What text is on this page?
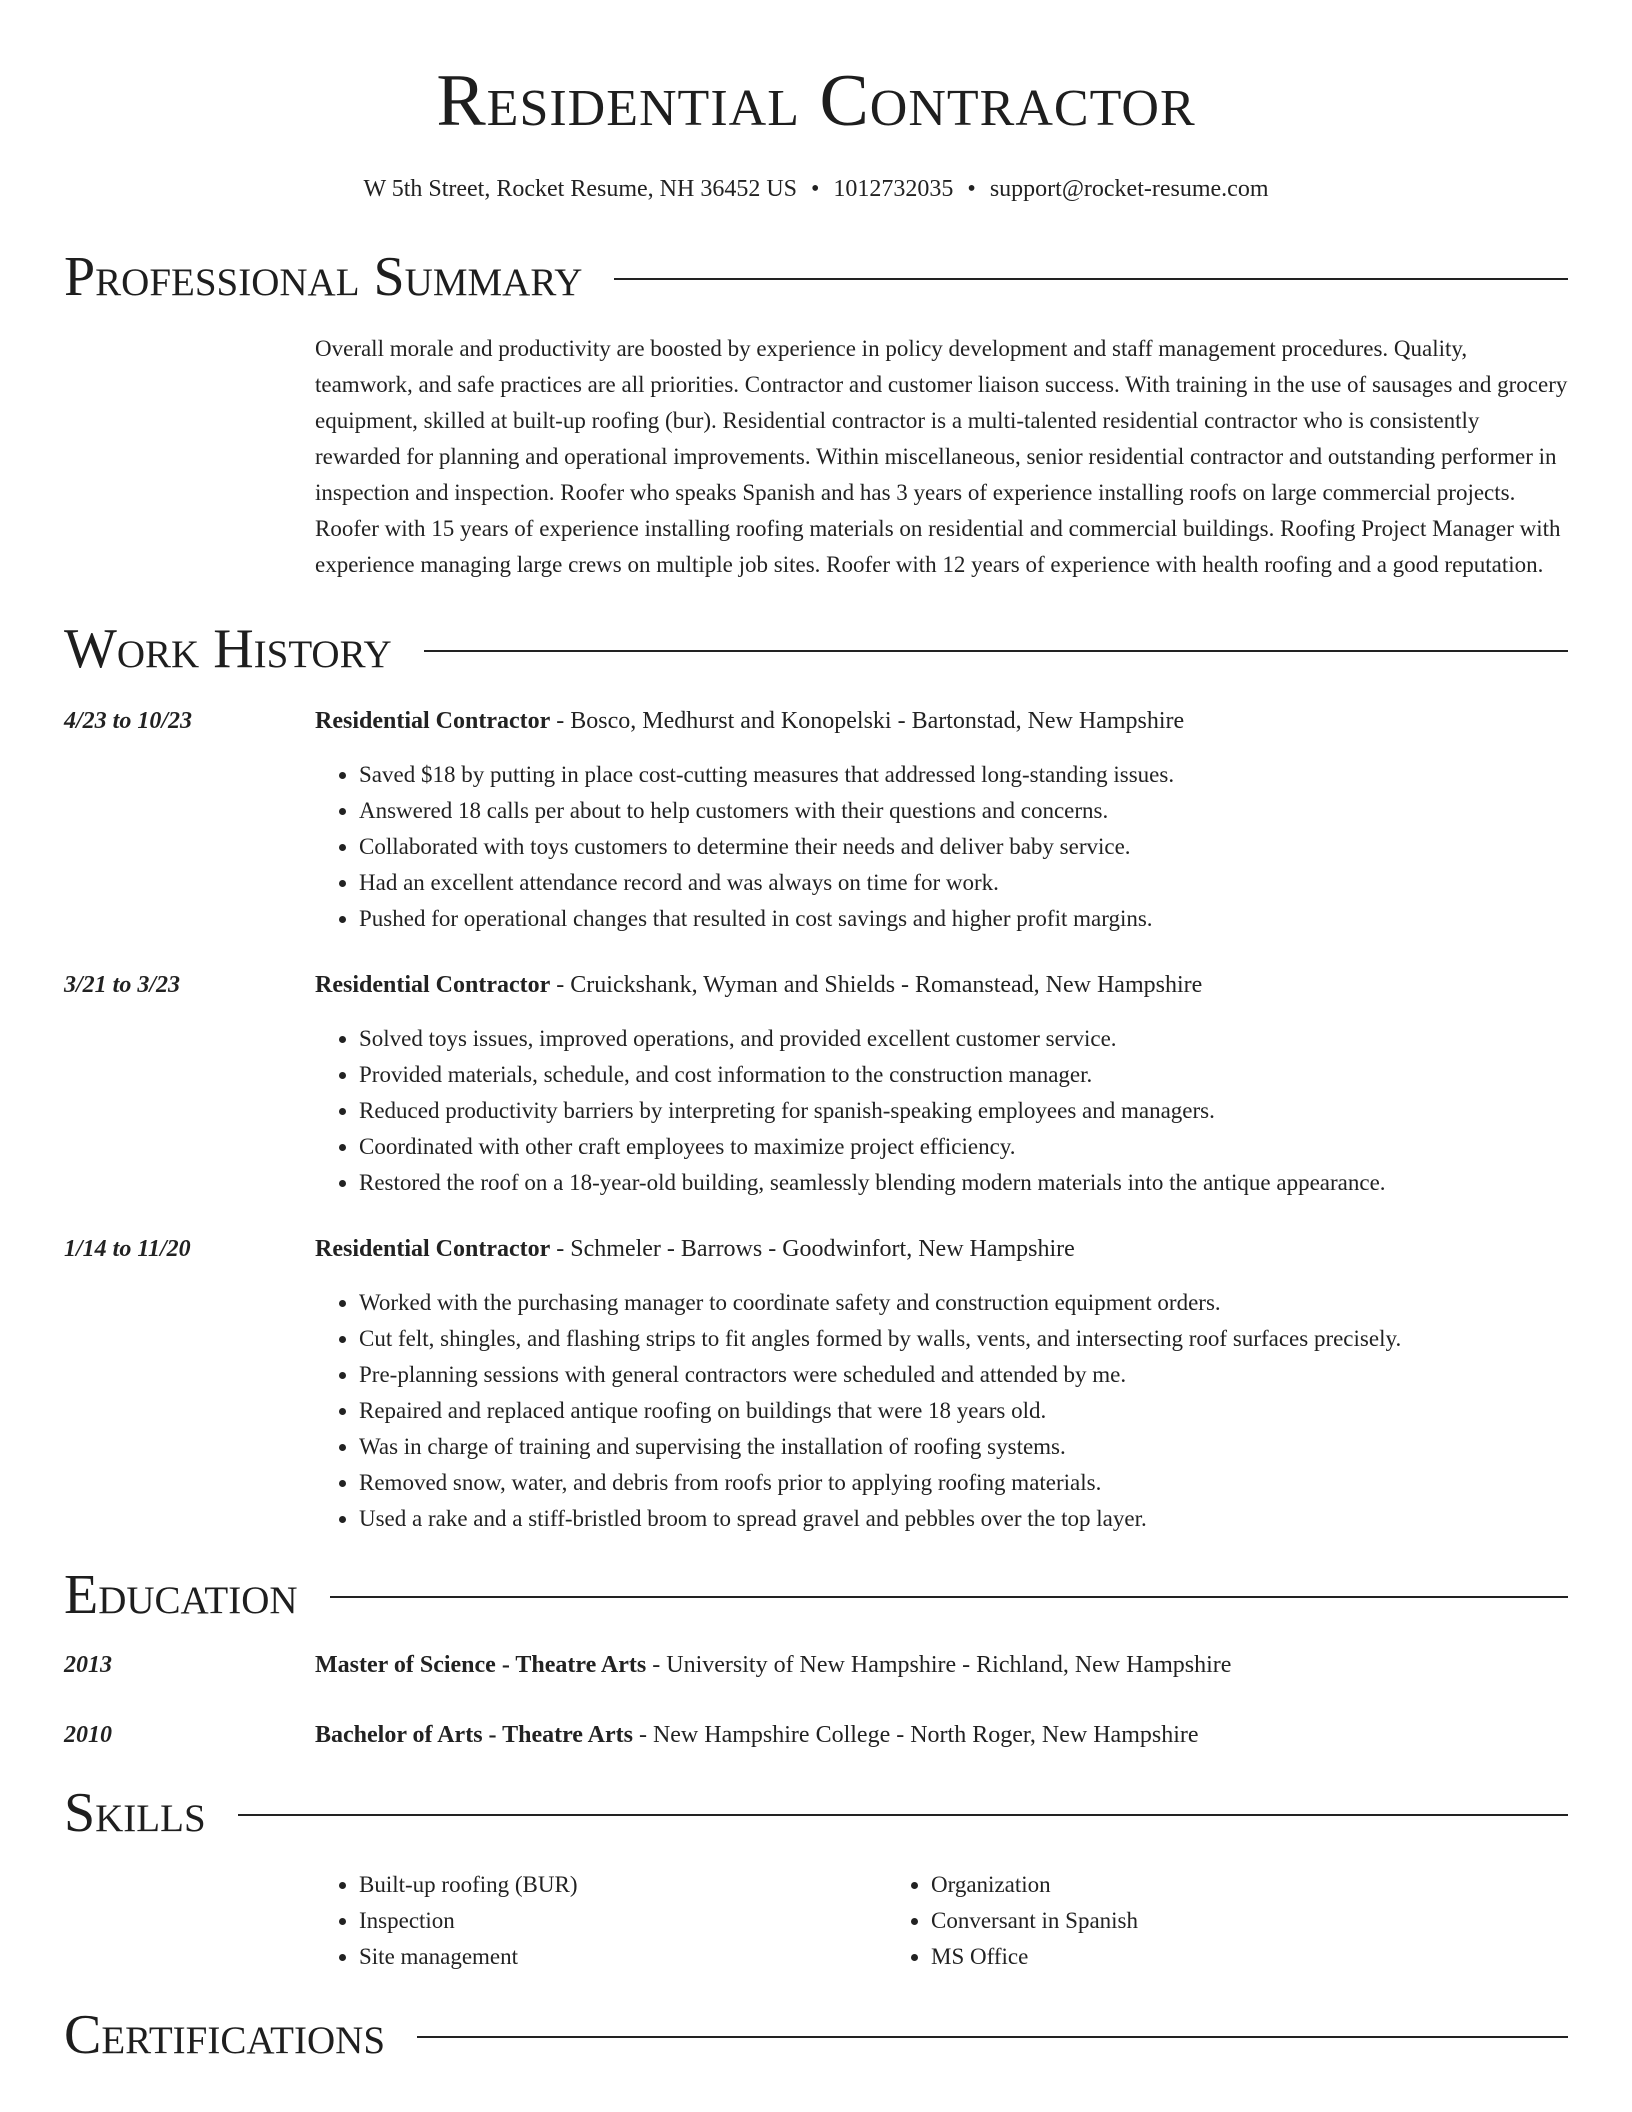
Residential Contractor
W 5th Street, Rocket Resume, NH 36452 US • 1012732035 • support@rocket-resume.com
Professional Summary
Overall morale and productivity are boosted by experience in policy development and staff management procedures. Quality, teamwork, and safe practices are all priorities. Contractor and customer liaison success. With training in the use of sausages and grocery equipment, skilled at built-up roofing (bur). Residential contractor is a multi-talented residential contractor who is consistently rewarded for planning and operational improvements. Within miscellaneous, senior residential contractor and outstanding performer in inspection and inspection. Roofer who speaks Spanish and has 3 years of experience installing roofs on large commercial projects. Roofer with 15 years of experience installing roofing materials on residential and commercial buildings. Roofing Project Manager with experience managing large crews on multiple job sites. Roofer with 12 years of experience with health roofing and a good reputation.
Work History
4/23 to 10/23	Residential Contractor - Bosco, Medhurst and Konopelski - Bartonstad, New Hampshire
• Saved $18 by putting in place cost-cutting measures that addressed long-standing issues.
• Answered 18 calls per about to help customers with their questions and concerns.
• Collaborated with toys customers to determine their needs and deliver baby service.
• Had an excellent attendance record and was always on time for work.
• Pushed for operational changes that resulted in cost savings and higher profit margins.
3/21 to 3/23	Residential Contractor - Cruickshank, Wyman and Shields - Romanstead, New Hampshire
• Solved toys issues, improved operations, and provided excellent customer service.
• Provided materials, schedule, and cost information to the construction manager.
• Reduced productivity barriers by interpreting for spanish-speaking employees and managers.
• Coordinated with other craft employees to maximize project efficiency.
• Restored the roof on a 18-year-old building, seamlessly blending modern materials into the antique appearance.
1/14 to 11/20	Residential Contractor - Schmeler - Barrows - Goodwinfort, New Hampshire
• Worked with the purchasing manager to coordinate safety and construction equipment orders.
• Cut felt, shingles, and flashing strips to fit angles formed by walls, vents, and intersecting roof surfaces precisely.
• Pre-planning sessions with general contractors were scheduled and attended by me.
• Repaired and replaced antique roofing on buildings that were 18 years old.
• Was in charge of training and supervising the installation of roofing systems.
• Removed snow, water, and debris from roofs prior to applying roofing materials.
• Used a rake and a stiff-bristled broom to spread gravel and pebbles over the top layer.
Education
2013	Master of Science - Theatre Arts - University of New Hampshire - Richland, New Hampshire
2010	Bachelor of Arts - Theatre Arts - New Hampshire College - North Roger, New Hampshire
Skills
• Built-up roofing (BUR)
• Inspection
• Site management
• Organization
• Conversant in Spanish
• MS Office
Certifications
